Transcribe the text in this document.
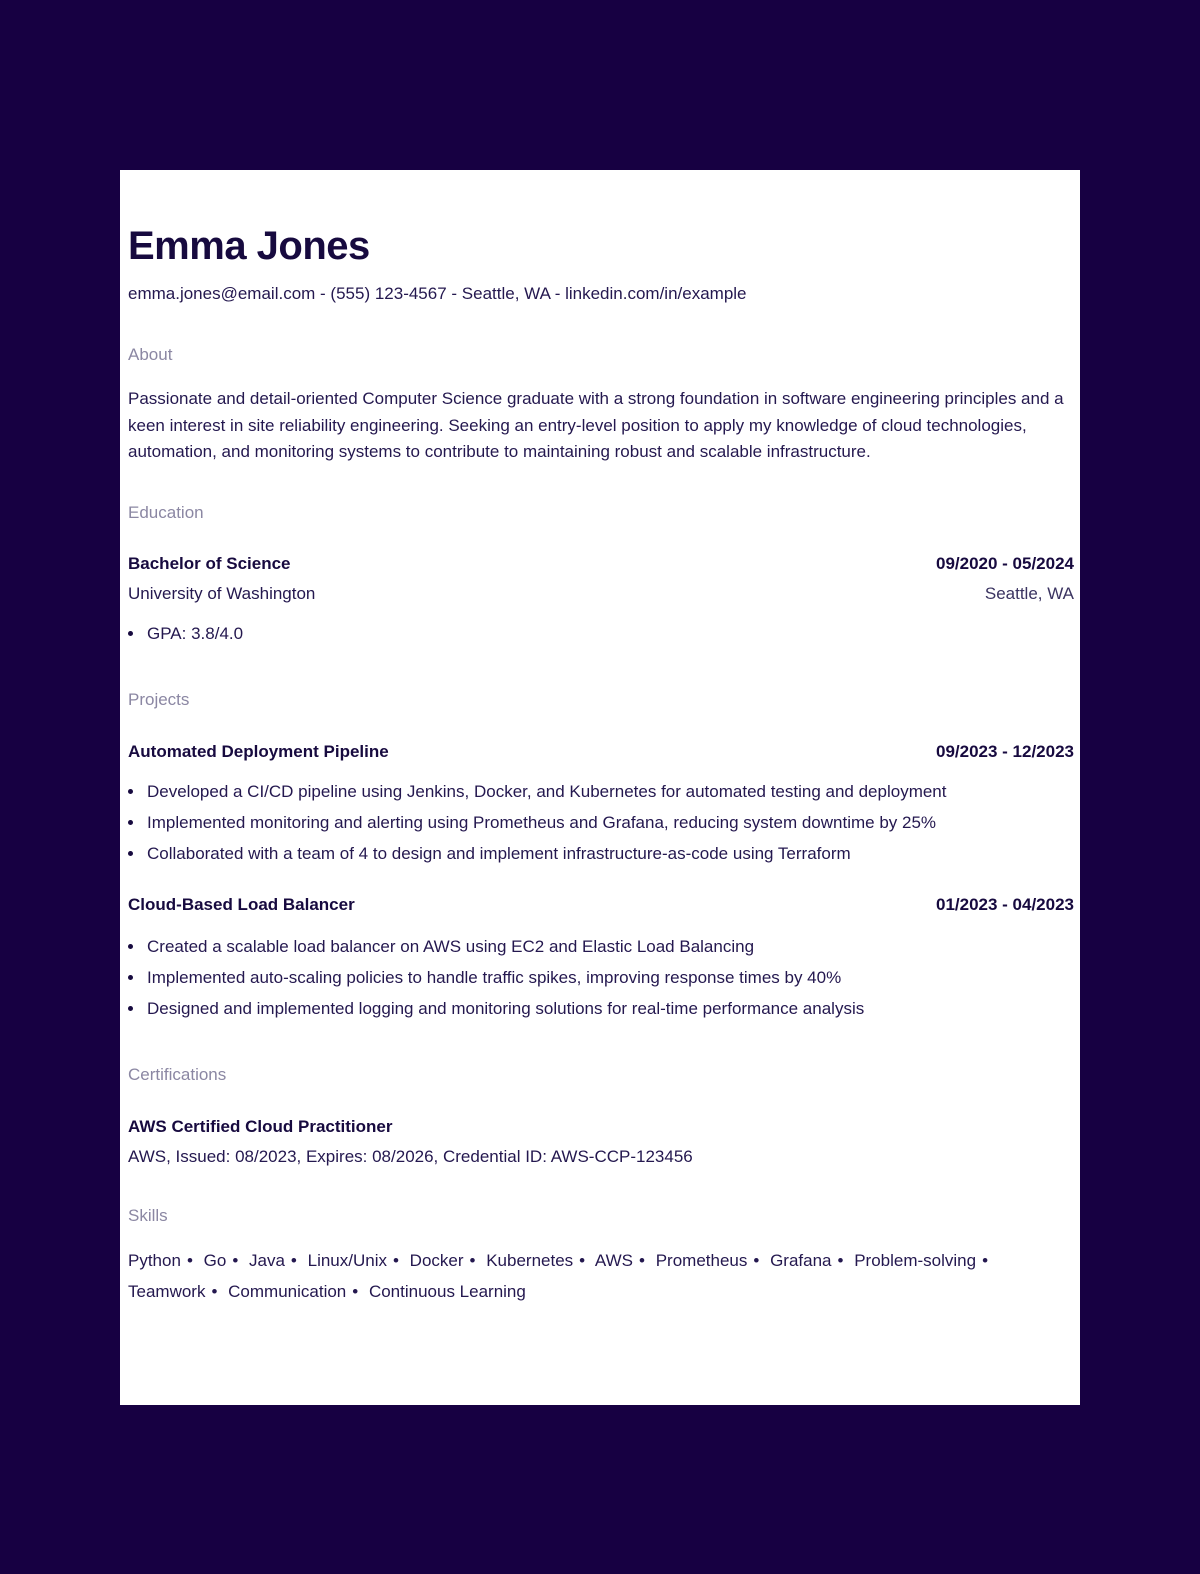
Emma Jones
emma.jones@email.com - (555) 123-4567 - Seattle, WA - linkedin.com/in/example
About
Passionate and detail-oriented Computer Science graduate with a strong foundation in software engineering principles and a keen interest in site reliability engineering. Seeking an entry-level position to apply my knowledge of cloud technologies, automation, and monitoring systems to contribute to maintaining robust and scalable infrastructure.
Education
Bachelor of Science	09/2020 - 05/2024
University of Washington	Seattle, WA
GPA: 3.8/4.0
Projects
Automated Deployment Pipeline	09/2023 - 12/2023
Developed a CI/CD pipeline using Jenkins, Docker, and Kubernetes for automated testing and deployment
Implemented monitoring and alerting using Prometheus and Grafana, reducing system downtime by 25%
Collaborated with a team of 4 to design and implement infrastructure-as-code using Terraform
Cloud-Based Load Balancer	01/2023 - 04/2023
Created a scalable load balancer on AWS using EC2 and Elastic Load Balancing
Implemented auto-scaling policies to handle traffic spikes, improving response times by 40%
Designed and implemented logging and monitoring solutions for real-time performance analysis
Certifications
AWS Certified Cloud Practitioner
AWS, Issued: 08/2023, Expires: 08/2026, Credential ID: AWS-CCP-123456
Skills
Python • Go • Java • Linux/Unix • Docker • Kubernetes • AWS • Prometheus • Grafana • Problem-solving • Teamwork • Communication • Continuous Learning
